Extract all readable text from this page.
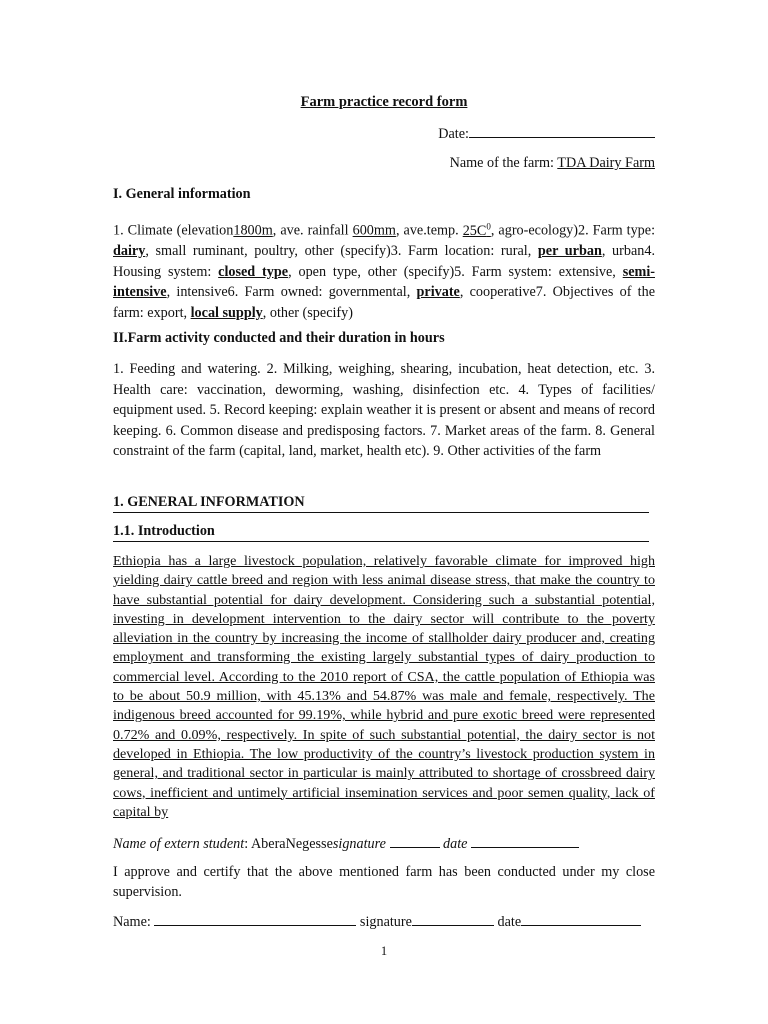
Farm practice record form
Date:
Name of the farm: TDA Dairy Farm
I. General information
1. Climate (elevation1800m, ave. rainfall 600mm, ave.temp. $25C^0$, agro-ecology)2. Farm type: dairy, small ruminant, poultry, other (specify)3. Farm location: rural, per urban, urban4. Housing system: closed type, open type, other (specify)5. Farm system: extensive, semi-intensive, intensive6. Farm owned: governmental, private, cooperative7. Objectives of the farm: export, local supply, other (specify)
II.Farm activity conducted and their duration in hours
1. Feeding and watering. 2. Milking, weighing, shearing, incubation, heat detection, etc. 3. Health care: vaccination, deworming, washing, disinfection etc. 4. Types of facilities/ equipment used. 5. Record keeping: explain weather it is present or absent and means of record keeping. 6. Common disease and predisposing factors. 7. Market areas of the farm. 8. General constraint of the farm (capital, land, market, health etc). 9. Other activities of the farm
1. GENERAL INFORMATION
1.1. Introduction
Ethiopia has a large livestock population, relatively favorable climate for improved high yielding dairy cattle breed and region with less animal disease stress, that make the country to have substantial potential for dairy development. Considering such a substantial potential, investing in development intervention to the dairy sector will contribute to the poverty alleviation in the country by increasing the income of stallholder dairy producer and, creating employment and transforming the existing largely substantial types of dairy production to commercial level. According to the 2010 report of CSA, the cattle population of Ethiopia was to be about 50.9 million, with 45.13% and 54.87% was male and female, respectively. The indigenous breed accounted for 99.19%, while hybrid and pure exotic breed were represented 0.72% and 0.09%, respectively. In spite of such substantial potential, the dairy sector is not developed in Ethiopia. The low productivity of the country’s livestock production system in general, and traditional sector in particular is mainly attributed to shortage of crossbreed dairy cows, inefficient and untimely artificial insemination services and poor semen quality, lack of capital by
Name of extern student: AberaNegessesignature	date
I approve and certify that the above mentioned farm has been conducted under my close supervision.
Name:	signature	date
1
